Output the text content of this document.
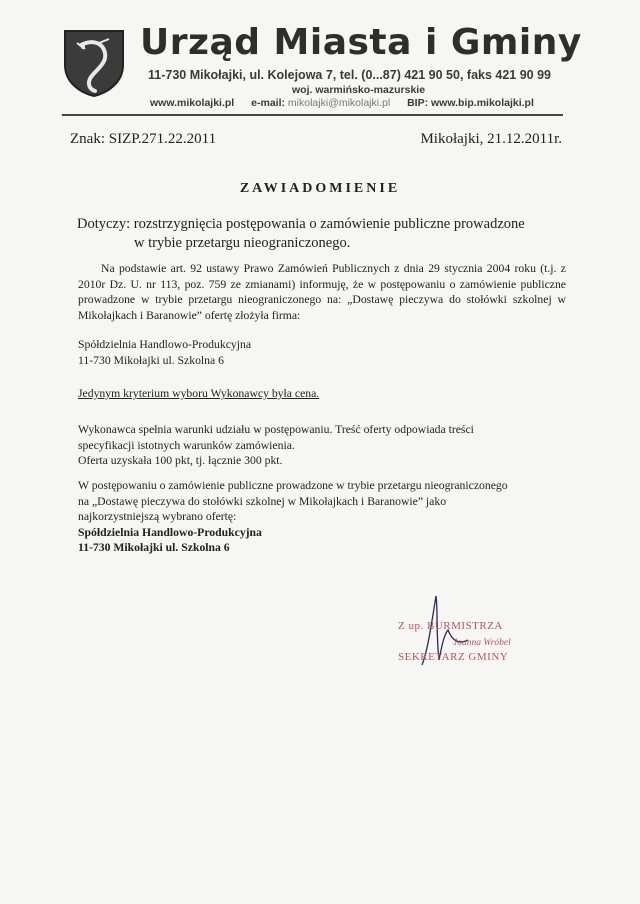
Urząd Miasta i Gminy
11-730 Mikołajki, ul. Kolejowa 7, tel. (0...87) 421 90 50, faks 421 90 99
woj. warmińsko-mazurskie
www.mikolajki.pl e-mail: mikolajki@mikolajki.pl BIP: www.bip.mikolajki.pl
Znak: SIZP.271.22.2011	Mikołajki, 21.12.2011r.
ZAWIADOMIENIE
Dotyczy: rozstrzygnięcia postępowania o zamówienie publiczne prowadzone
w trybie przetargu nieograniczonego.
Na podstawie art. 92 ustawy Prawo Zamówień Publicznych z dnia 29 stycznia 2004 roku (t.j. z 2010r Dz. U. nr 113, poz. 759 ze zmianami) informuję, że w postępowaniu o zamówienie publiczne prowadzone w trybie przetargu nieograniczonego na: „Dostawę pieczywa do stołówki szkolnej w Mikołajkach i Baranowie” ofertę złożyła firma:
Spółdzielnia Handlowo-Produkcyjna
11-730 Mikołajki ul. Szkolna 6
Jedynym kryterium wyboru Wykonawcy była cena.
Wykonawca spełnia warunki udziału w postępowaniu. Treść oferty odpowiada treści
specyfikacji istotnych warunków zamówienia.
Oferta uzyskała 100 pkt, tj. łącznie 300 pkt.
W postępowaniu o zamówienie publiczne prowadzone w trybie przetargu nieograniczonego
na „Dostawę pieczywa do stołówki szkolnej w Mikołajkach i Baranowie” jako
najkorzystniejszą wybrano ofertę:
Spółdzielnia Handlowo-Produkcyjna
11-730 Mikołajki ul. Szkolna 6
Z up. BURMISTRZA
Joanna Wróbel
SEKRETARZ GMINY
